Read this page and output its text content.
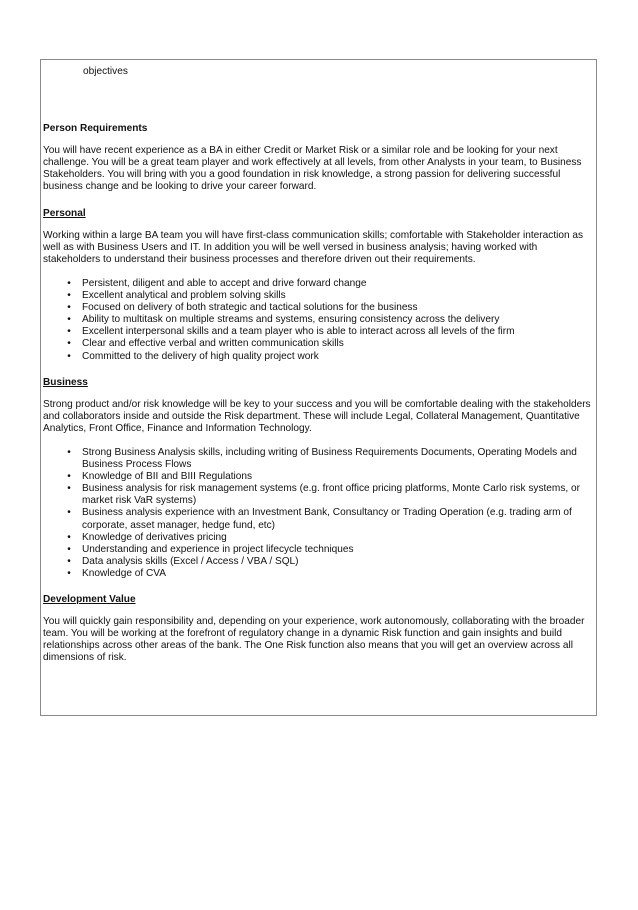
objectives

Person Requirements

You will have recent experience as a BA in either Credit or Market Risk or a similar role and be looking for your next challenge. You will be a great team player and work effectively at all levels, from other Analysts in your team, to Business Stakeholders. You will bring with you a good foundation in risk knowledge, a strong passion for delivering successful business change and be looking to drive your career forward.

Personal

Working within a large BA team you will have first-class communication skills; comfortable with Stakeholder interaction as well as with Business Users and IT. In addition you will be well versed in business analysis; having worked with stakeholders to understand their business processes and therefore driven out their requirements.

•	Persistent, diligent and able to accept and drive forward change
•	Excellent analytical and problem solving skills
•	Focused on delivery of both strategic and tactical solutions for the business
•	Ability to multitask on multiple streams and systems, ensuring consistency across the delivery
•	Excellent interpersonal skills and a team player who is able to interact across all levels of the firm
•	Clear and effective verbal and written communication skills
•	Committed to the delivery of high quality project work

Business

Strong product and/or risk knowledge will be key to your success and you will be comfortable dealing with the stakeholders and collaborators inside and outside the Risk department. These will include Legal, Collateral Management, Quantitative Analytics, Front Office, Finance and Information Technology.

•	Strong Business Analysis skills, including writing of Business Requirements Documents, Operating Models and Business Process Flows
•	Knowledge of BII and BIII Regulations
•	Business analysis for risk management systems (e.g. front office pricing platforms, Monte Carlo risk systems, or market risk VaR systems)
•	Business analysis experience with an Investment Bank, Consultancy or Trading Operation (e.g. trading arm of corporate, asset manager, hedge fund, etc)
•	Knowledge of derivatives pricing
•	Understanding and experience in project lifecycle techniques
•	Data analysis skills (Excel / Access / VBA / SQL)
•	Knowledge of CVA

Development Value

You will quickly gain responsibility and, depending on your experience, work autonomously, collaborating with the broader team. You will be working at the forefront of regulatory change in a dynamic Risk function and gain insights and build relationships across other areas of the bank. The One Risk function also means that you will get an overview across all dimensions of risk.
